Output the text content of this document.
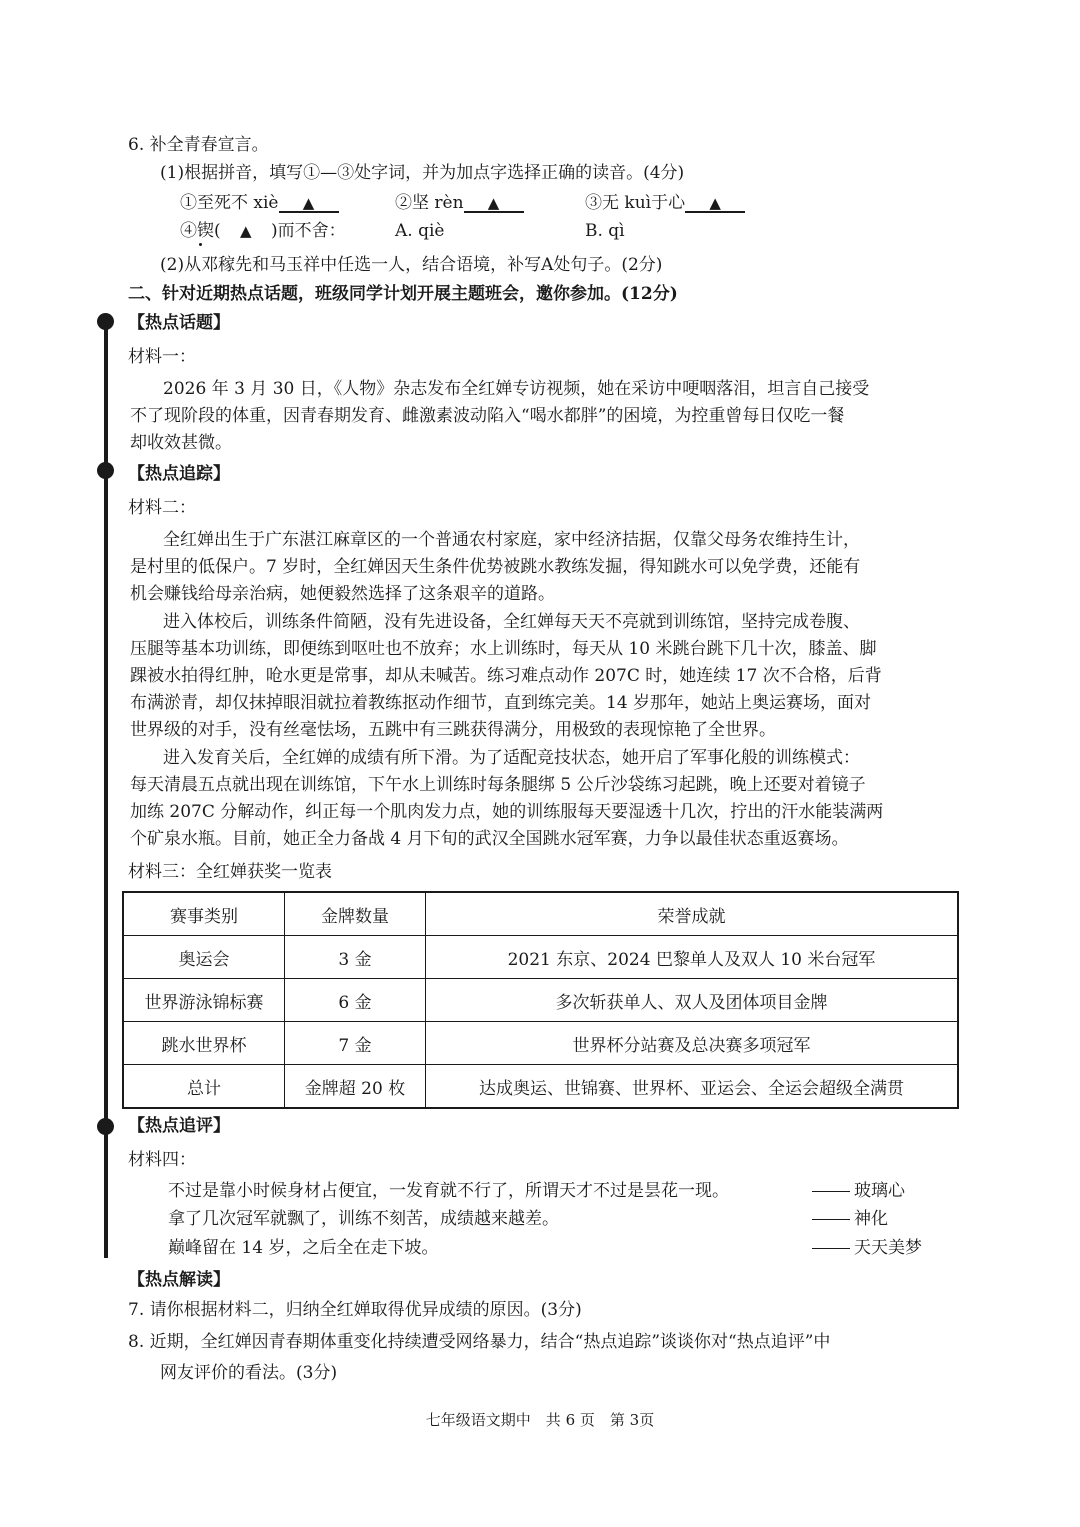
6. 补全青春宣言。
(1)根据拼音，填写①—③处字词，并为加点字选择正确的读音。(4分)
①至死不 xiè ▲	②坚 rèn ▲	③无 kuì于心 ▲
④锲( ▲ )而不舍：	A. qiè	B. qì
(2)从邓稼先和马玉祥中任选一人，结合语境，补写A处句子。(2分)
二、针对近期热点话题，班级同学计划开展主题班会，邀你参加。(12分)
【热点话题】
材料一：
2026 年 3 月 30 日，《人物》杂志发布全红婵专访视频，她在采访中哽咽落泪，坦言自己接受
不了现阶段的体重，因青春期发育、雌激素波动陷入“喝水都胖”的困境，为控重曾每日仅吃一餐
却收效甚微。
【热点追踪】
材料二：
全红婵出生于广东湛江麻章区的一个普通农村家庭，家中经济拮据，仅靠父母务农维持生计，
是村里的低保户。7 岁时，全红婵因天生条件优势被跳水教练发掘，得知跳水可以免学费，还能有
机会赚钱给母亲治病，她便毅然选择了这条艰辛的道路。
进入体校后，训练条件简陋，没有先进设备，全红婵每天天不亮就到训练馆，坚持完成卷腹、
压腿等基本功训练，即便练到呕吐也不放弃；水上训练时，每天从 10 米跳台跳下几十次，膝盖、脚
踝被水拍得红肿，呛水更是常事，却从未喊苦。练习难点动作 207C 时，她连续 17 次不合格，后背
布满淤青，却仅抹掉眼泪就拉着教练抠动作细节，直到练完美。14 岁那年，她站上奥运赛场，面对
世界级的对手，没有丝毫怯场，五跳中有三跳获得满分，用极致的表现惊艳了全世界。
进入发育关后，全红婵的成绩有所下滑。为了适配竞技状态，她开启了军事化般的训练模式：
每天清晨五点就出现在训练馆，下午水上训练时每条腿绑 5 公斤沙袋练习起跳，晚上还要对着镜子
加练 207C 分解动作，纠正每一个肌肉发力点，她的训练服每天要湿透十几次，拧出的汗水能装满两
个矿泉水瓶。目前，她正全力备战 4 月下旬的武汉全国跳水冠军赛，力争以最佳状态重返赛场。
材料三：全红婵获奖一览表
赛事类别	金牌数量	荣誉成就
奥运会	3 金	2021 东京、2024 巴黎单人及双人 10 米台冠军
世界游泳锦标赛	6 金	多次斩获单人、双人及团体项目金牌
跳水世界杯	7 金	世界杯分站赛及总决赛多项冠军
总计	金牌超 20 枚	达成奥运、世锦赛、世界杯、亚运会、全运会超级全满贯
【热点追评】
材料四：
不过是靠小时候身材占便宜，一发育就不行了，所谓天才不过是昙花一现。	玻璃心
拿了几次冠军就飘了，训练不刻苦，成绩越来越差。	神化
巅峰留在 14 岁，之后全在走下坡。	天天美梦
【热点解读】
7. 请你根据材料二，归纳全红婵取得优异成绩的原因。(3分)
8. 近期，全红婵因青春期体重变化持续遭受网络暴力，结合“热点追踪”谈谈你对“热点追评”中
网友评价的看法。(3分)
七年级语文期中　共 6 页　第 3页
